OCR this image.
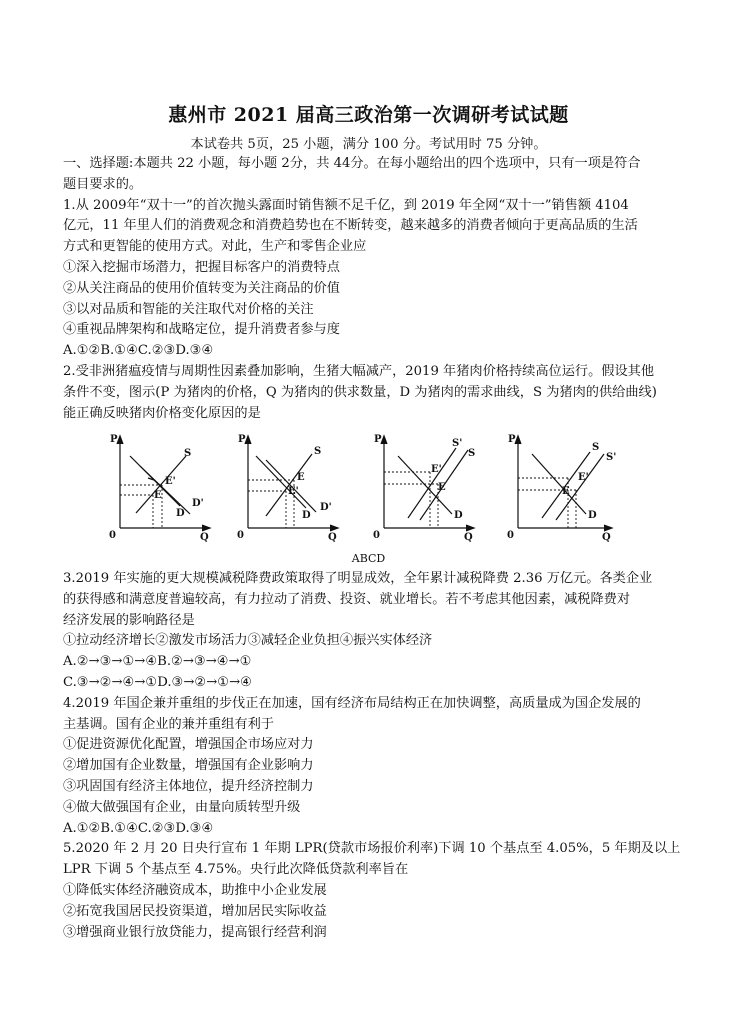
惠州市 2021 届高三政治第一次调研考试试题
本试卷共 5页，25 小题，满分 100 分。考试用时 75 分钟。
一、选择题:本题共 22 小题，每小题 2分，共 44分。在每小题给出的四个选项中，只有一项是符合
题目要求的。
1.从 2009年“双十一”的首次抛头露面时销售额不足千亿，到 2019 年全网“双十一”销售额 4104
亿元，11 年里人们的消费观念和消费趋势也在不断转变，越来越多的消费者倾向于更高品质的生活
方式和更智能的使用方式。对此，生产和零售企业应
①深入挖掘市场潜力，把握目标客户的消费特点
②从关注商品的使用价值转变为关注商品的价值
③以对品质和智能的关注取代对价格的关注
④重视品牌架构和战略定位，提升消费者参与度
A.①②B.①④C.②③D.③④
2.受非洲猪瘟疫情与周期性因素叠加影响，生猪大幅减产，2019 年猪肉价格持续高位运行。假设其他
条件不变，图示(P 为猪肉的价格，Q 为猪肉的供求数量，D 为猪肉的需求曲线，S 为猪肉的供给曲线)
能正确反映猪肉价格变化原因的是
P
Q
0
S
D'
D
E'
E
P
Q
0
S
D'
D
E
E'
P
Q
0
S'
S
D
E'
E
P
Q
0
S
S'
D
E'
E
ABCD
3.2019 年实施的更大规模减税降费政策取得了明显成效，全年累计减税降费 2.36 万亿元。各类企业
的获得感和满意度普遍较高，有力拉动了消费、投资、就业增长。若不考虑其他因素，减税降费对
经济发展的影响路径是
①拉动经济增长②激发市场活力③减轻企业负担④振兴实体经济
A.②→③→①→④B.②→③→④→①
C.③→②→④→①D.③→②→①→④
4.2019 年国企兼并重组的步伐正在加速，国有经济布局结构正在加快调整，高质量成为国企发展的
主基调。国有企业的兼并重组有利于
①促进资源优化配置，增强国企市场应对力
②增加国有企业数量，增强国有企业影响力
③巩固国有经济主体地位，提升经济控制力
④做大做强国有企业，由量向质转型升级
A.①②B.①④C.②③D.③④
5.2020 年 2 月 20 日央行宣布 1 年期 LPR(贷款市场报价利率)下调 10 个基点至 4.05%，5 年期及以上
LPR 下调 5 个基点至 4.75%。央行此次降低贷款利率旨在
①降低实体经济融资成本，助推中小企业发展
②拓宽我国居民投资渠道，增加居民实际收益
③增强商业银行放贷能力，提高银行经营利润
